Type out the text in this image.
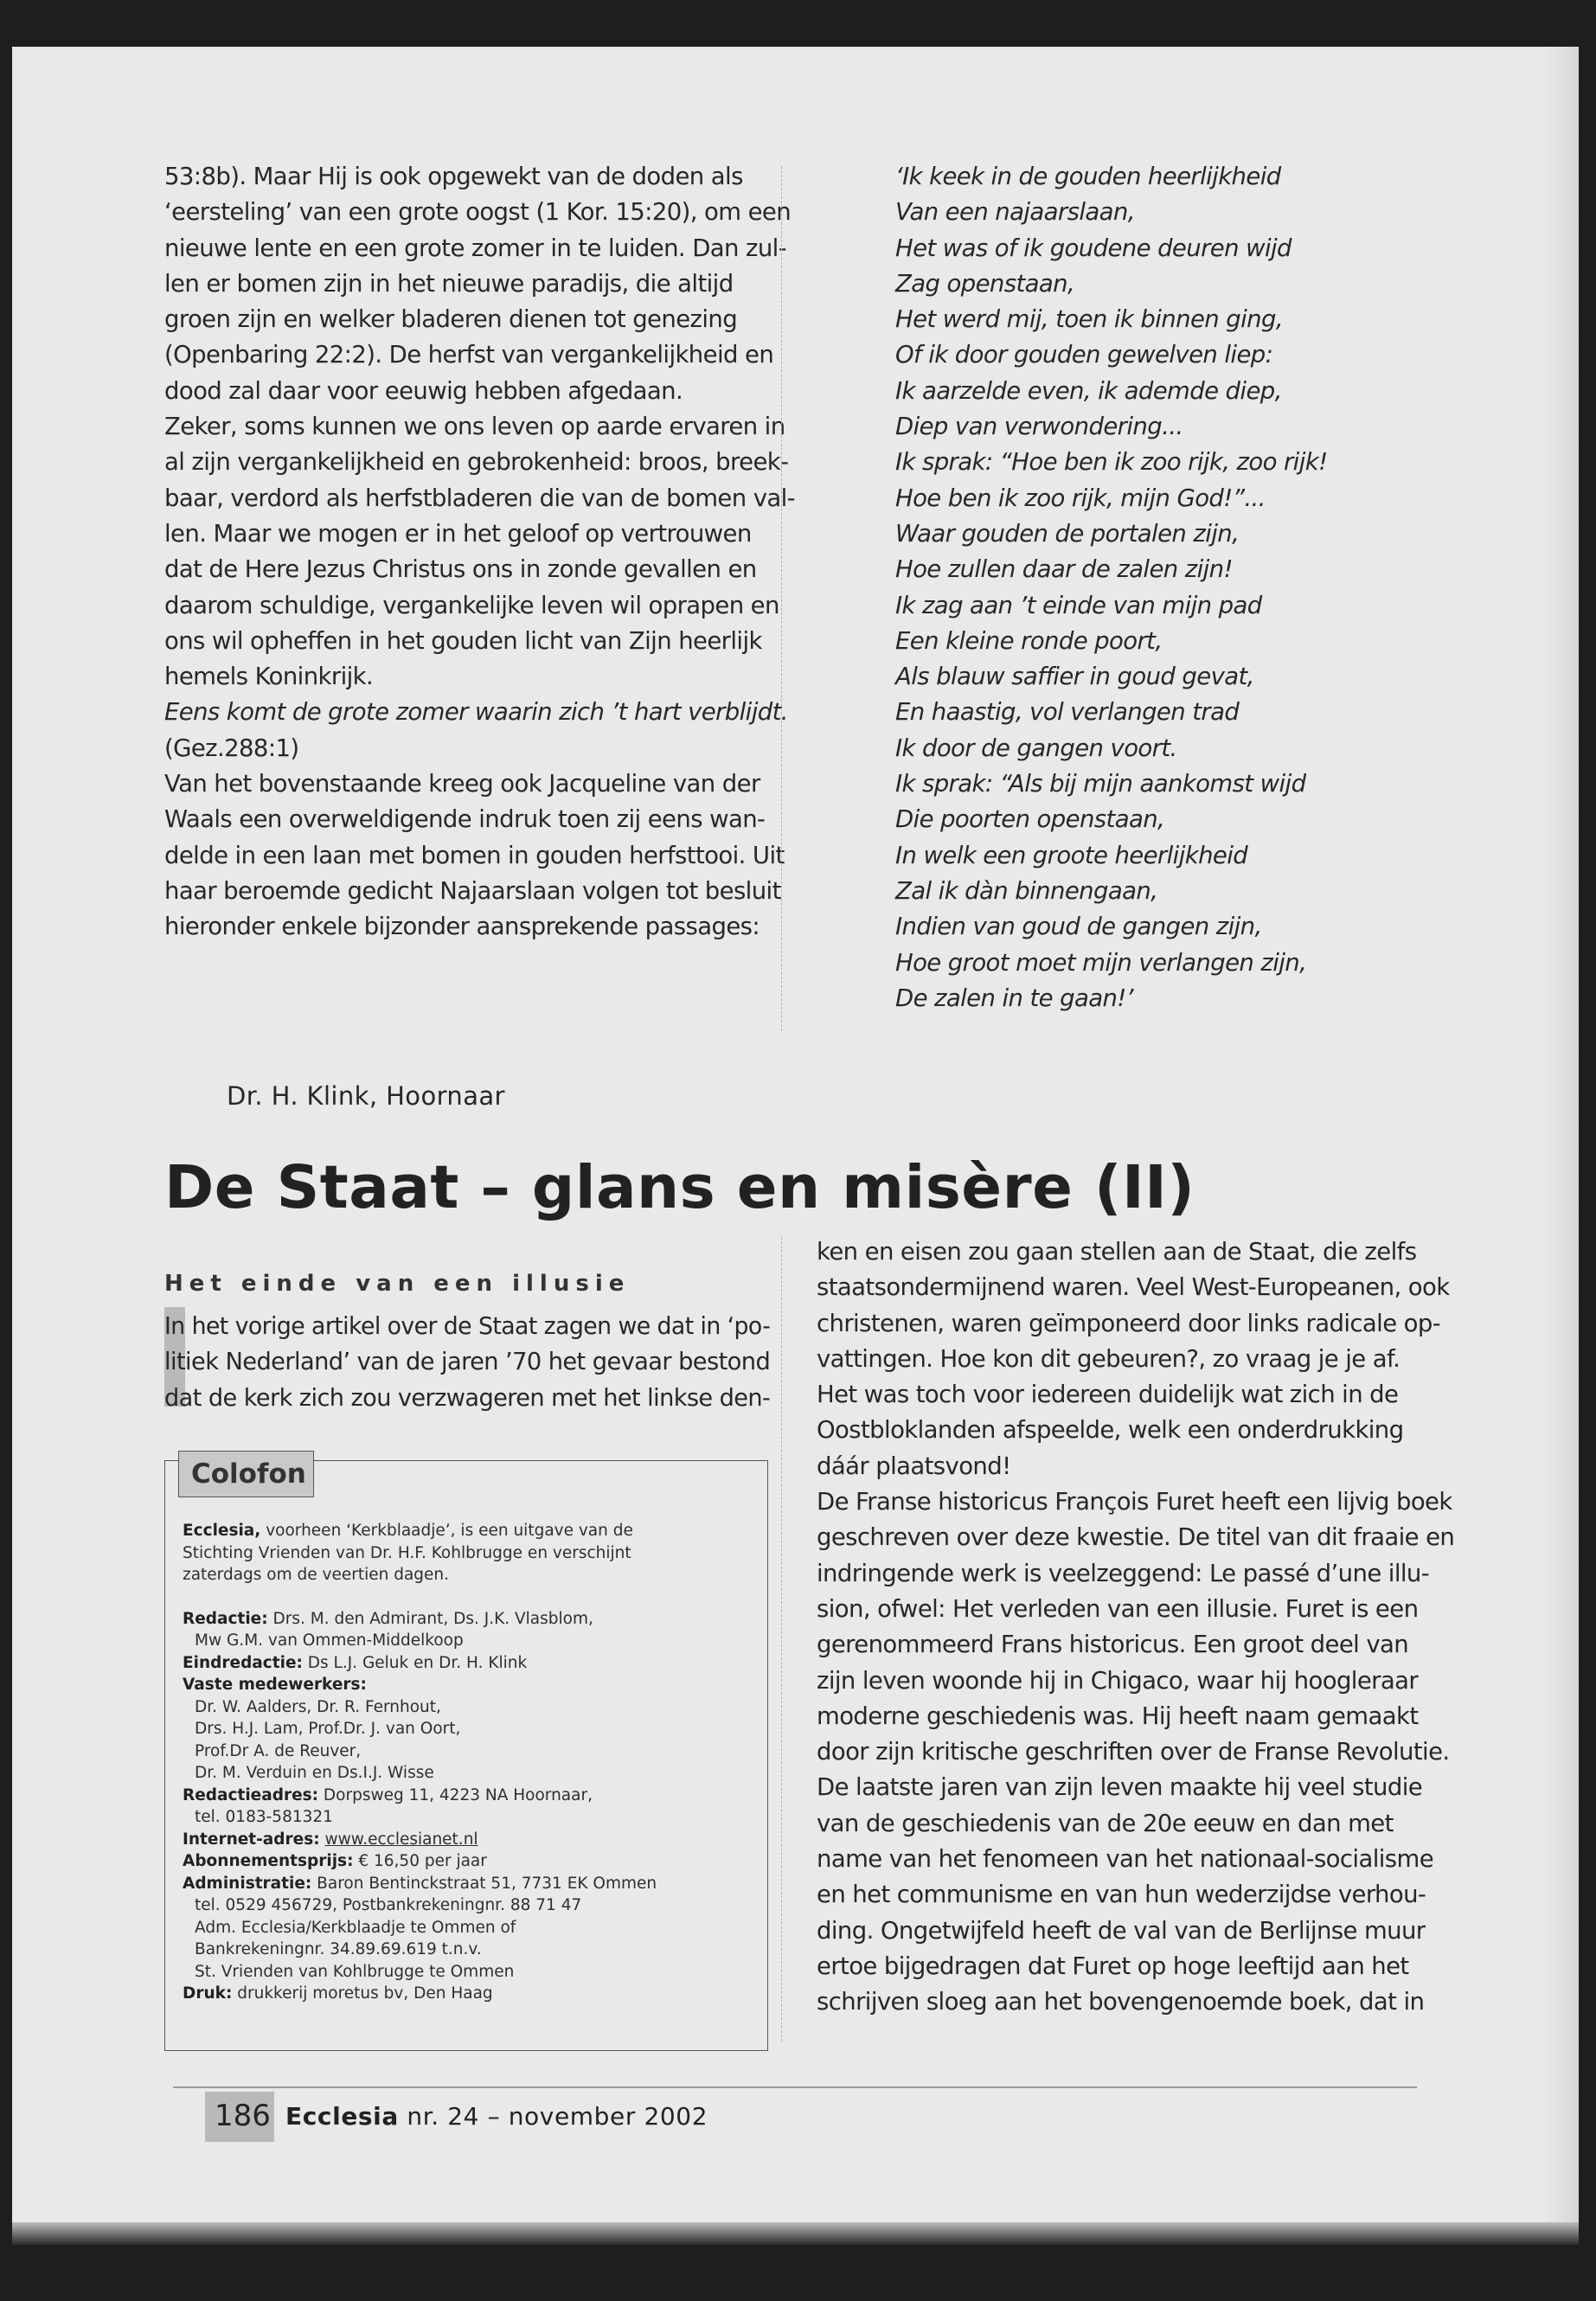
53:8b). Maar Hij is ook opgewekt van de doden als

‘eersteling’ van een grote oogst (1 Kor. 15:20), om een

nieuwe lente en een grote zomer in te luiden. Dan zul-

len er bomen zijn in het nieuwe paradijs, die altijd

groen zijn en welker bladeren dienen tot genezing

(Openbaring 22:2). De herfst van vergankelijkheid en

dood zal daar voor eeuwig hebben afgedaan.

Zeker, soms kunnen we ons leven op aarde ervaren in

al zijn vergankelijkheid en gebrokenheid: broos, breek-

baar, verdord als herfstbladeren die van de bomen val-

len. Maar we mogen er in het geloof op vertrouwen

dat de Here Jezus Christus ons in zonde gevallen en

daarom schuldige, vergankelijke leven wil oprapen en

ons wil opheffen in het gouden licht van Zijn heerlijk

hemels Koninkrijk.

Eens komt de grote zomer waarin zich ’t hart verblijdt.

(Gez.288:1)

Van het bovenstaande kreeg ook Jacqueline van der

Waals een overweldigende indruk toen zij eens wan-

delde in een laan met bomen in gouden herfsttooi. Uit

haar beroemde gedicht Najaarslaan volgen tot besluit

hieronder enkele bijzonder aansprekende passages:

‘Ik keek in de gouden heerlijkheid

Van een najaarslaan,

Het was of ik goudene deuren wijd

Zag openstaan,

Het werd mij, toen ik binnen ging,

Of ik door gouden gewelven liep:

Ik aarzelde even, ik ademde diep,

Diep van verwondering...

Ik sprak: “Hoe ben ik zoo rijk, zoo rijk!

Hoe ben ik zoo rijk, mijn God!”...

Waar gouden de portalen zijn,

Hoe zullen daar de zalen zijn!

Ik zag aan ’t einde van mijn pad

Een kleine ronde poort,

Als blauw saffier in goud gevat,

En haastig, vol verlangen trad

Ik door de gangen voort.

Ik sprak: “Als bij mijn aankomst wijd

Die poorten openstaan,

In welk een groote heerlijkheid

Zal ik dàn binnengaan,

Indien van goud de gangen zijn,

Hoe groot moet mijn verlangen zijn,

De zalen in te gaan!’

Dr. H. Klink, Hoornaar
De Staat – glans en misère (II)
Het einde van een illusie

In het vorige artikel over de Staat zagen we dat in ‘po-

litiek Nederland’ van de jaren ’70 het gevaar bestond

dat de kerk zich zou verzwageren met het linkse den-

ken en eisen zou gaan stellen aan de Staat, die zelfs

staatsondermijnend waren. Veel West-Europeanen, ook

christenen, waren geïmponeerd door links radicale op-

vattingen. Hoe kon dit gebeuren?, zo vraag je je af.

Het was toch voor iedereen duidelijk wat zich in de

Oostbloklanden afspeelde, welk een onderdrukking

dáár plaatsvond!

De Franse historicus François Furet heeft een lijvig boek

geschreven over deze kwestie. De titel van dit fraaie en

indringende werk is veelzeggend: Le passé d’une illu-

sion, ofwel: Het verleden van een illusie. Furet is een

gerenommeerd Frans historicus. Een groot deel van

zijn leven woonde hij in Chigaco, waar hij hoogleraar

moderne geschiedenis was. Hij heeft naam gemaakt

door zijn kritische geschriften over de Franse Revolutie.

De laatste jaren van zijn leven maakte hij veel studie

van de geschiedenis van de 20e eeuw en dan met

name van het fenomeen van het nationaal-socialisme

en het communisme en van hun wederzijdse verhou-

ding. Ongetwijfeld heeft de val van de Berlijnse muur

ertoe bijgedragen dat Furet op hoge leeftijd aan het

schrijven sloeg aan het bovengenoemde boek, dat in

Colofon

Ecclesia, voorheen ‘Kerkblaadje’, is een uitgave van de

Stichting Vrienden van Dr. H.F. Kohlbrugge en verschijnt

zaterdags om de veertien dagen.

Redactie: Drs. M. den Admirant, Ds. J.K. Vlasblom,

Mw G.M. van Ommen-Middelkoop

Eindredactie: Ds L.J. Geluk en Dr. H. Klink

Vaste medewerkers:

Dr. W. Aalders, Dr. R. Fernhout,

Drs. H.J. Lam, Prof.Dr. J. van Oort,

Prof.Dr A. de Reuver,

Dr. M. Verduin en Ds.I.J. Wisse

Redactieadres: Dorpsweg 11, 4223 NA Hoornaar,

tel. 0183-581321

Internet-adres: www.ecclesianet.nl

Abonnementsprijs: € 16,50 per jaar

Administratie: Baron Bentinckstraat 51, 7731 EK Ommen

tel. 0529 456729, Postbankrekeningnr. 88 71 47

Adm. Ecclesia/Kerkblaadje te Ommen of

Bankrekeningnr. 34.89.69.619 t.n.v.

St. Vrienden van Kohlbrugge te Ommen

Druk: drukkerij moretus bv, Den Haag

186 Ecclesia nr. 24 – november 2002
